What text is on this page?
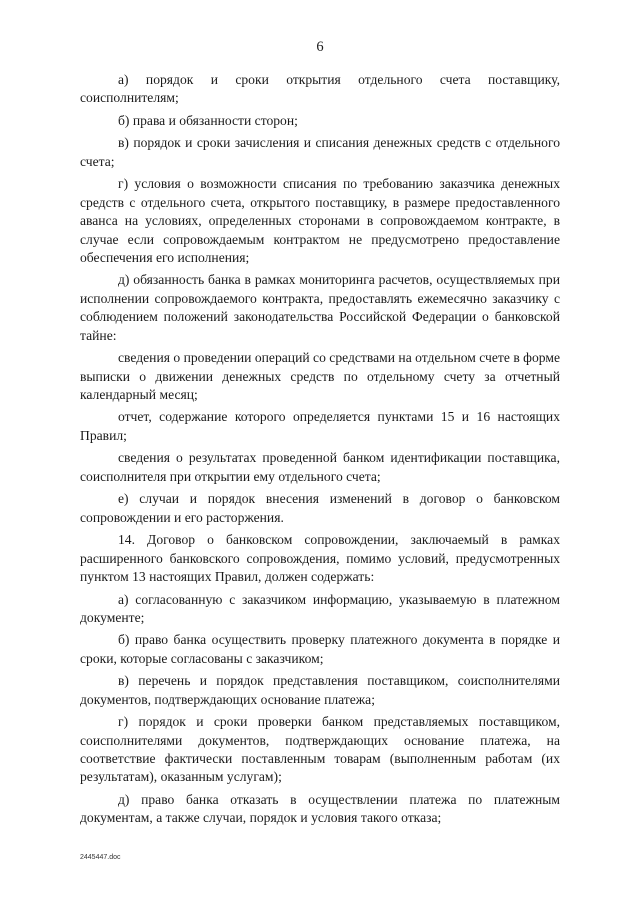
6

а) порядок и сроки открытия отдельного счета поставщику, соисполнителям;

б) права и обязанности сторон;

в) порядок и сроки зачисления и списания денежных средств с отдельного счета;

г) условия о возможности списания по требованию заказчика денежных средств с отдельного счета, открытого поставщику, в размере предоставленного аванса на условиях, определенных сторонами в сопровождаемом контракте, в случае если сопровождаемым контрактом не предусмотрено предоставление обеспечения его исполнения;

д) обязанность банка в рамках мониторинга расчетов, осуществляемых при исполнении сопровождаемого контракта, предоставлять ежемесячно заказчику с соблюдением положений законодательства Российской Федерации о банковской тайне:

сведения о проведении операций со средствами на отдельном счете в форме выписки о движении денежных средств по отдельному счету за отчетный календарный месяц;

отчет, содержание которого определяется пунктами 15 и 16 настоящих Правил;

сведения о результатах проведенной банком идентификации поставщика, соисполнителя при открытии ему отдельного счета;

е) случаи и порядок внесения изменений в договор о банковском сопровождении и его расторжения.

14. Договор о банковском сопровождении, заключаемый в рамках расширенного банковского сопровождения, помимо условий, предусмотренных пунктом 13 настоящих Правил, должен содержать:

а) согласованную с заказчиком информацию, указываемую в платежном документе;

б) право банка осуществить проверку платежного документа в порядке и сроки, которые согласованы с заказчиком;

в) перечень и порядок представления поставщиком, соисполнителями документов, подтверждающих основание платежа;

г) порядок и сроки проверки банком представляемых поставщиком, соисполнителями документов, подтверждающих основание платежа, на соответствие фактически поставленным товарам (выполненным работам (их результатам), оказанным услугам);

д) право банка отказать в осуществлении платежа по платежным документам, а также случаи, порядок и условия такого отказа;

2445447.doc
